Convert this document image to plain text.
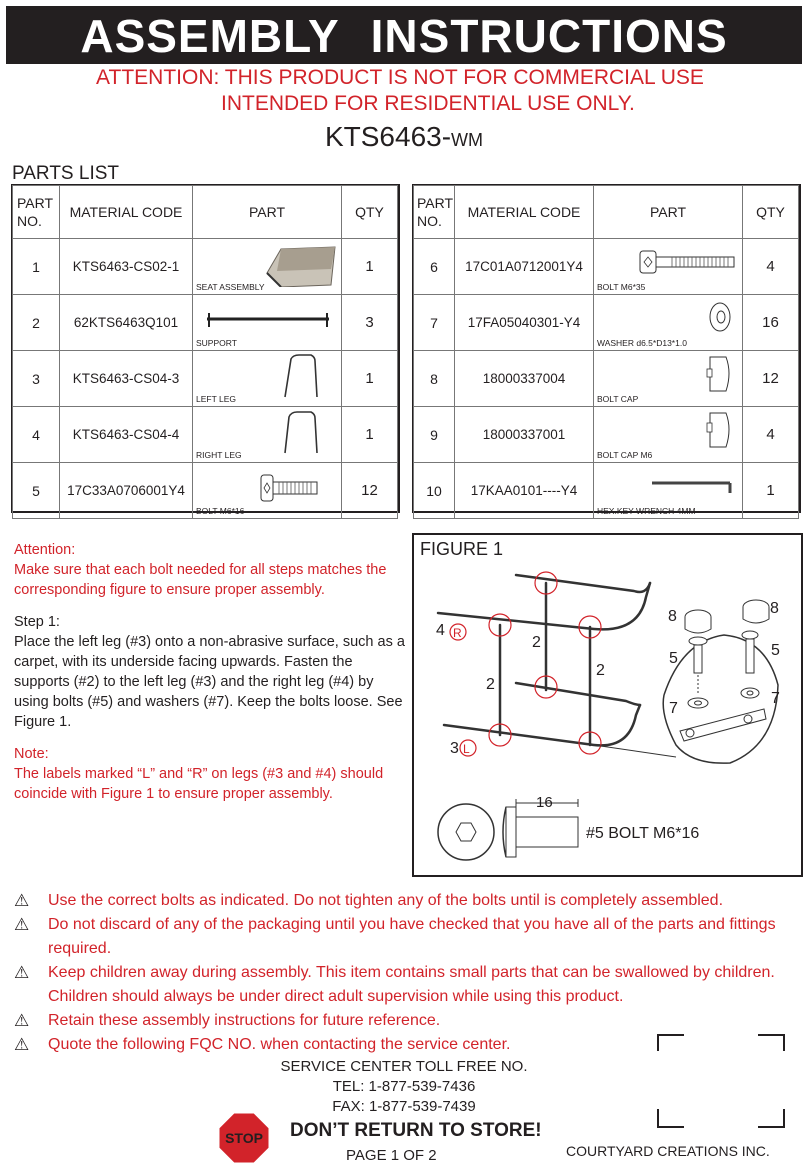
ASSEMBLY INSTRUCTIONS
ATTENTION: THIS PRODUCT IS NOT FOR COMMERCIAL USE
INTENDED FOR RESIDENTIAL USE ONLY.
KTS6463-WM
PARTS LIST
PART NO.	MATERIAL CODE	PART	QTY
1	KTS6463-CS02-1	SEAT ASSEMBLY	1
2	62KTS6463Q101	SUPPORT	3
3	KTS6463-CS04-3	LEFT LEG	1
4	KTS6463-CS04-4	RIGHT LEG	1
5	17C33A0706001Y4	BOLT M6*16	12
PART NO.	MATERIAL CODE	PART	QTY
6	17C01A0712001Y4	BOLT M6*35	4
7	17FA05040301-Y4	WASHER d6.5*D13*1.0	16
8	18000337004	BOLT CAP	12
9	18000337001	BOLT CAP M6	4
10	17KAA0101----Y4	HEX.KEY WRENCH 4MM	1

Attention:

Make sure that each bolt needed for all steps matches the corresponding figure to ensure proper assembly.

Step 1:

Place the left leg (#3) onto a non-abrasive surface, such as a carpet, with its underside facing upwards. Fasten the supports (#2) to the left leg (#3) and the right leg (#4) by using bolts (#5) and washers (#7). Keep the bolts loose. See Figure 1.

Note:

The labels marked “L” and “R” on legs (#3 and #4) should coincide with Figure 1 to ensure proper assembly.

FIGURE 1
4 R
3 L
2
2
2
8	8
5	5
7
7
16
#5 BOLT M6*16
⚠ Use the correct bolts as indicated. Do not tighten any of the bolts until is completely assembled.
⚠ Do not discard of any of the packaging until you have checked that you have all of the parts and fittings required.
⚠ Keep children away during assembly. This item contains small parts that can be swallowed by children. Children should always be under direct adult supervision while using this product.
⚠ Retain these assembly instructions for future reference.
⚠ Quote the following FQC NO. when contacting the service center.
SERVICE CENTER TOLL FREE NO.
TEL: 1-877-539-7436
FAX: 1-877-539-7439
STOP DON’T RETURN TO STORE!
PAGE 1 OF 2	COURTYARD CREATIONS INC.
